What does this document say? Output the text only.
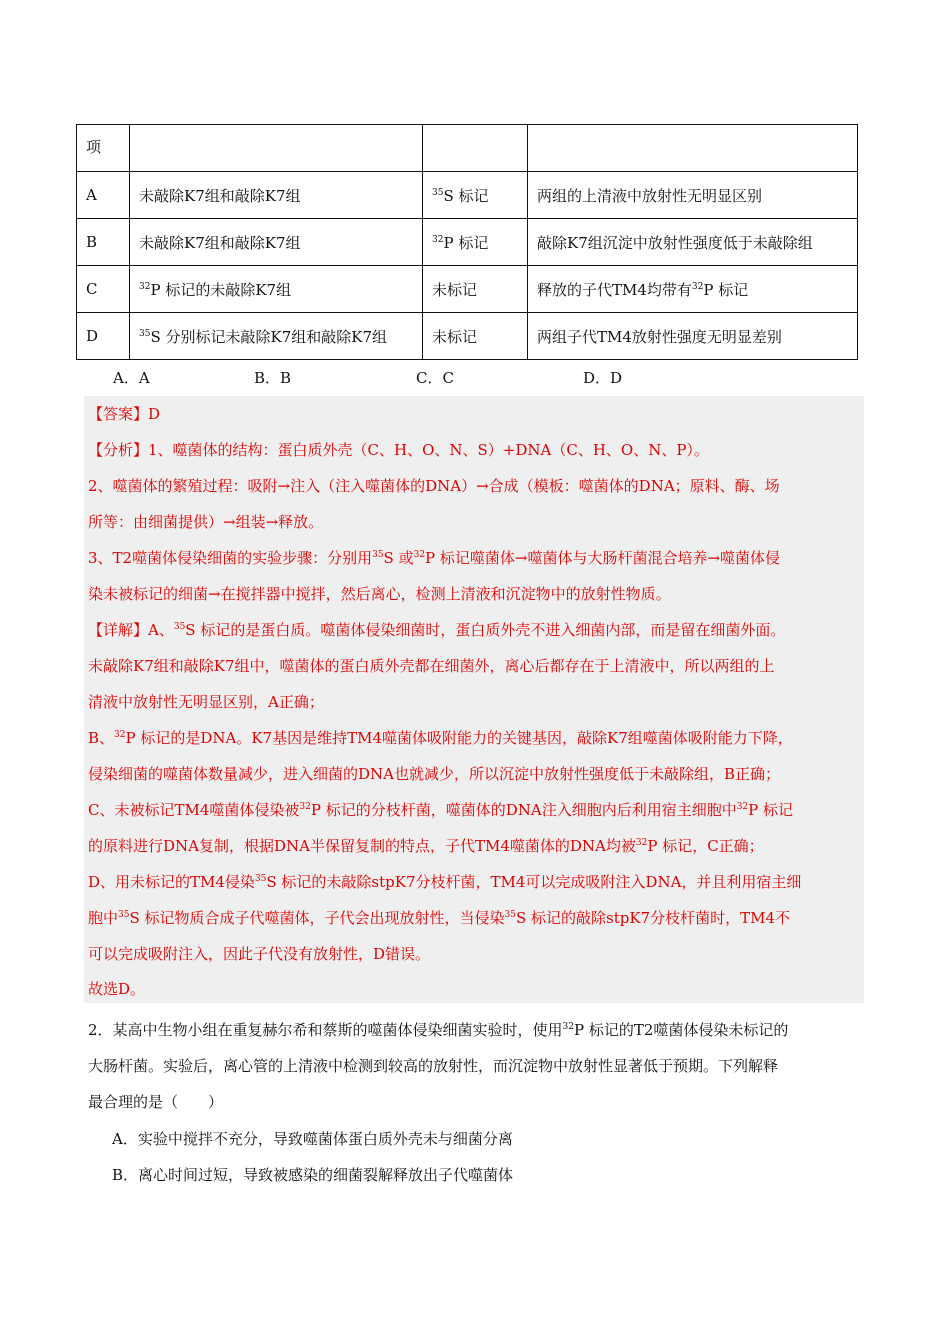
项			
A	未敲除K7组和敲除K7组	$^{35}$S 标记	两组的上清液中放射性无明显区别
B	未敲除K7组和敲除K7组	$^{32}$P 标记	敲除K7组沉淀中放射性强度低于未敲除组
C	$^{32}$P 标记的未敲除K7组	未标记	释放的子代TM4均带有$^{32}$P 标记
D	$^{35}$S 分别标记未敲除K7组和敲除K7组	未标记	两组子代TM4放射性强度无明显差别
A．A	B．B	C．C	D．D

【答案】D

【分析】1、噬菌体的结构：蛋白质外壳（C、H、O、N、S）+DNA（C、H、O、N、P）。

2、噬菌体的繁殖过程：吸附→注入（注入噬菌体的DNA）→合成（模板：噬菌体的DNA；原料、酶、场

所等：由细菌提供）→组装→释放。

3、T2噬菌体侵染细菌的实验步骤：分别用$^{35}$S 或$^{32}$P 标记噬菌体→噬菌体与大肠杆菌混合培养→噬菌体侵

染未被标记的细菌→在搅拌器中搅拌，然后离心，检测上清液和沉淀物中的放射性物质。

【详解】A、$^{35}$S 标记的是蛋白质。噬菌体侵染细菌时，蛋白质外壳不进入细菌内部，而是留在细菌外面。

未敲除K7组和敲除K7组中，噬菌体的蛋白质外壳都在细菌外，离心后都存在于上清液中，所以两组的上

清液中放射性无明显区别，A正确；

B、$^{32}$P 标记的是DNA。K7基因是维持TM4噬菌体吸附能力的关键基因，敲除K7组噬菌体吸附能力下降，

侵染细菌的噬菌体数量减少，进入细菌的DNA也就减少，所以沉淀中放射性强度低于未敲除组，B正确；

C、未被标记TM4噬菌体侵染被$^{32}$P 标记的分枝杆菌，噬菌体的DNA注入细胞内后利用宿主细胞中$^{32}$P 标记

的原料进行DNA复制，根据DNA半保留复制的特点，子代TM4噬菌体的DNA均被$^{32}$P 标记，C正确；

D、用未标记的TM4侵染$^{35}$S 标记的未敲除stpK7分枝杆菌，TM4可以完成吸附注入DNA，并且利用宿主细

胞中$^{35}$S 标记物质合成子代噬菌体，子代会出现放射性，当侵染$^{35}$S 标记的敲除stpK7分枝杆菌时，TM4不

可以完成吸附注入，因此子代没有放射性，D错误。

故选D。

2．某高中生物小组在重复赫尔希和蔡斯的噬菌体侵染细菌实验时，使用$^{32}$P 标记的T2噬菌体侵染未标记的

大肠杆菌。实验后，离心管的上清液中检测到较高的放射性，而沉淀物中放射性显著低于预期。下列解释

最合理的是（　　）

A．实验中搅拌不充分，导致噬菌体蛋白质外壳未与细菌分离

B．离心时间过短，导致被感染的细菌裂解释放出子代噬菌体
